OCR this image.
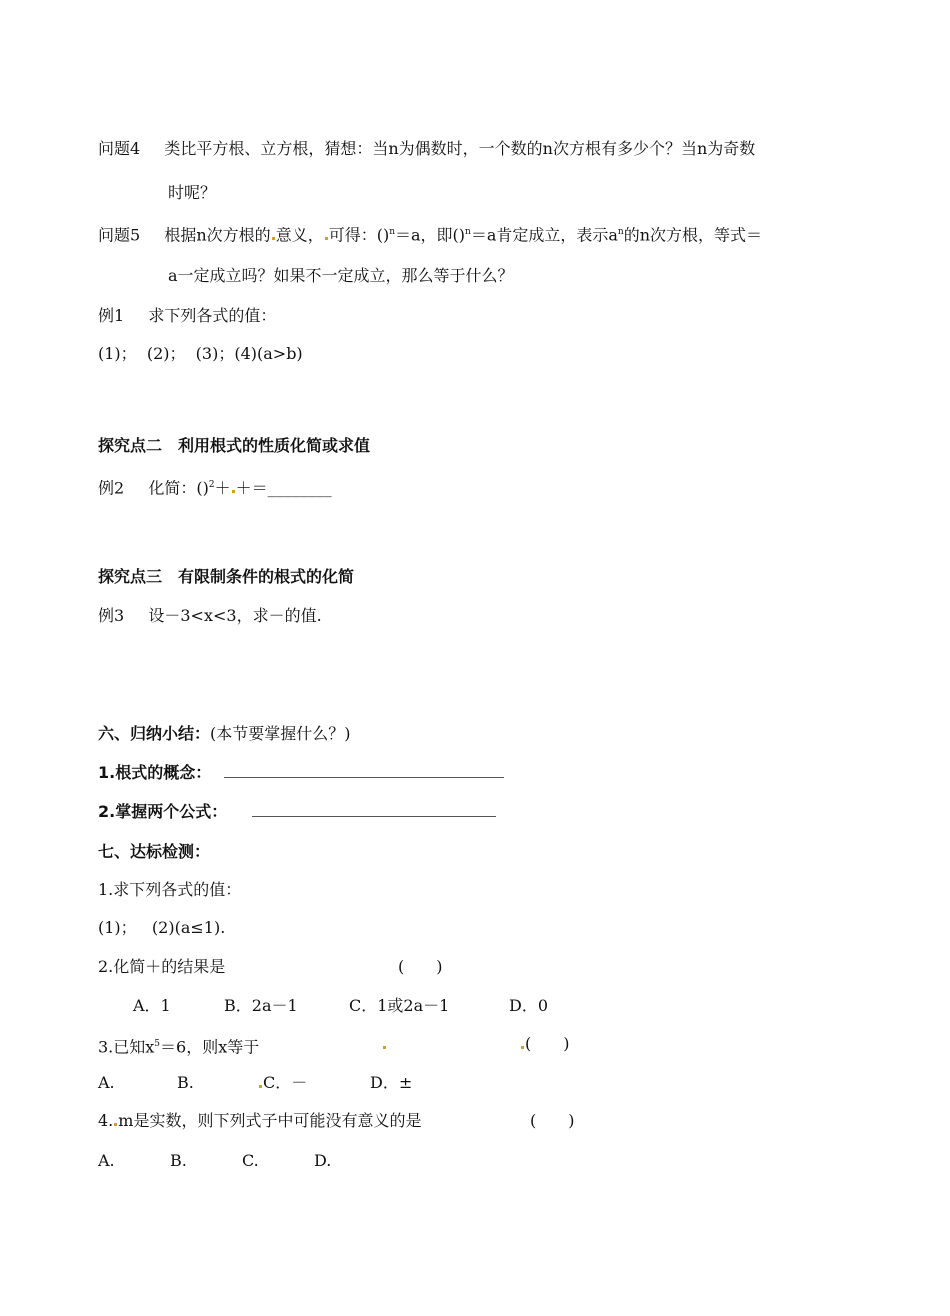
问题4 类比平方根、立方根，猜想：当n为偶数时，一个数的n次方根有多少个？当n为奇数
时呢？
问题5 根据n次方根的 意义， 可得：()$^n$＝a，即()$^n$＝a肯定成立，表示$a^n$的n次方根，等式＝
a一定成立吗？如果不一定成立，那么等于什么？
例1 求下列各式的值：
(1)；  (2)；  (3)；(4)(a>b)
探究点二　利用根式的性质化简或求值
例2 化简：()$^2$＋ ＋＝________
探究点三　有限制条件的根式的化简
例3 设－3<x<3，求－的值.
六、归纳小结：(本节要掌握什么？)
1.根式的概念：
2.掌握两个公式：
七、达标检测：
1.求下列各式的值：
(1)；   (2)(a≤1).
2.化简＋的结果是	(　　)
A．1	B．2a－1	C．1或2a－1	D．0
3.已知$x^5=6$，则x等于	(　　)
A.	B.	C．－	D．±
4. m是实数，则下列式子中可能没有意义的是	(　　)
A.	B.	C.	D.
